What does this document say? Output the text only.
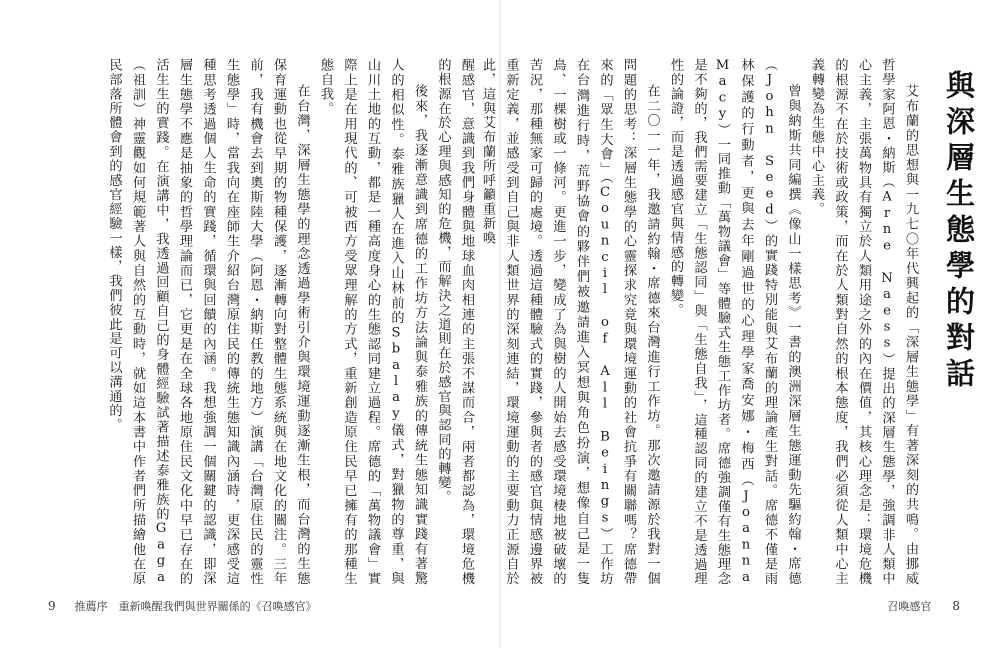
醒感官，意識到我們身體與地球血肉相連的主張不謀而合，兩者都認為，環境危機的根源在於心理與感知的危機，而解決之道則在於感官與認同的轉變。

後來，我逐漸意識到席德的工作坊方法論與泰雅族的傳統生態知識實踐有著驚人的相似性。泰雅族獵人在進入山林前的Sbalay儀式，對獵物的尊重，與山川土地的互動，都是一種高度身心的生態認同建立過程。席德的「萬物議會」實際上是在用現代的、可被西方受眾理解的方式，重新創造原住民早已擁有的那種生態自我。

在台灣，深層生態學的理念透過學術引介與環境運動逐漸生根，而台灣的生態保育運動也從早期的物種保護，逐漸轉向對整體生態系統與在地文化的關注。三年前，我有機會去到奧斯陸大學（阿恩・納斯任教的地方）演講「台灣原住民的靈性生態學」時，當我向在座師生介紹台灣原住民的傳統生態知識內涵時，更深感受這種思考透過個人生命的實踐，循環與回饋的內涵。我想強調一個關鍵的認識，即深層生態學不應是抽象的哲學理論而已，它更是在全球各地原住民文化中早已存在的活生生的實踐。在演講中，我透過回顧自己的身體經驗試著描述泰雅族的Gaga（祖訓）神靈觀如何規範著人與自然的互動時，就如這本書中作者們所描繪他在原民部落所體會到的感官經驗一樣，我們彼此是可以溝通的。

9 推薦序　重新喚醒我們與世界關係的《召喚感官》
與深層生態學的對話

艾布蘭的思想與一九七〇年代興起的「深層生態學」有著深刻的共鳴。由挪威哲學家阿恩・納斯（Arne Naess）提出的深層生態學，強調非人類中心主義，主張萬物具有獨立於人類用途之外的內在價值，其核心理念是：環境危機的根源不在於技術或政策，而在於人類對自然的根本態度，我們必須從人類中心主義轉變為生態中心主義。

曾與納斯共同編撰《像山一樣思考》一書的澳洲深層生態運動先驅約翰・席德（John Seed）的實踐特別能與艾布蘭的理論產生對話。席德不僅是雨林保護的行動者，更與去年剛過世的心理學家喬安娜・梅西（Joanna Macy）一同推動「萬物議會」等體驗式生態工作坊者。席德強調僅有生態理念是不夠的，我們需要建立「生態認同」與「生態自我」，這種認同的建立不是透過理性的論證，而是透過感官與情感的轉變。

在二〇一一年，我邀請約翰・席德來台灣進行工作坊。那次邀請源於我對一個問題的思考：深層生態學的心靈探求究竟與環境運動的社會抗爭有關聯嗎？席德帶來的「眾生大會」（Council of All Beings）工作坊在台灣進行時，荒野協會的夥伴們被邀請進入冥想與角色扮演，想像自己是一隻鳥、一棵樹或一條河。更進一步，變成了為與樹的人開始去感受環境棲地被破壞的苦況，那種無家可歸的處境。透過這種體驗式的實踐，參與者的感官與情感邊界被重新定義，並感受到自己與非人類世界的深刻連結，環境運動的主要動力正源自於此，這與艾布蘭所呼籲重新喚

召喚感官 8
